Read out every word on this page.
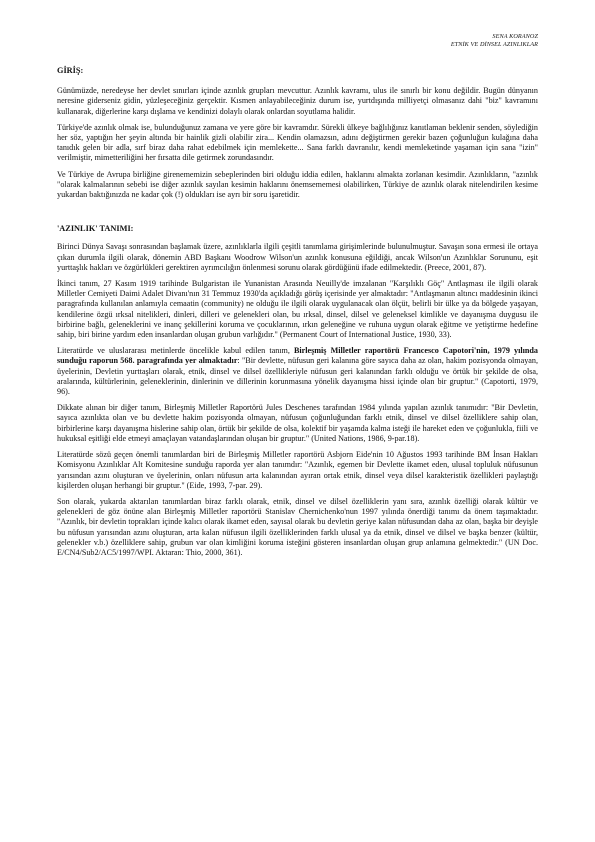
SENA KORANOZ
ETNİK VE DİNSEL AZINLIKLAR
GİRİŞ:

Günümüzde, neredeyse her devlet sınırları içinde azınlık grupları mevcuttur. Azınlık kavramı, ulus ile sınırlı bir konu değildir. Bugün dünyanın neresine giderseniz gidin, yüzleşeceğiniz gerçektir. Kısmen anlayabileceğiniz durum ise, yurtdışında milliyetçi olmasanız dahi "biz" kavramını kullanarak, diğerlerine karşı dışlama ve kendinizi dolaylı olarak onlardan soyutlama halidir.

Türkiye'de azınlık olmak ise, bulunduğunuz zamana ve yere göre bir kavramdır. Sürekli ülkeye bağlılığınız kanıtlaman beklenir senden, söylediğin her söz, yaptığın her şeyin altında bir hainlik gizli olabilir zira... Kendin olamazsın, adını değiştirmen gerekir bazen çoğunluğun kulağına daha tanıdık gelen bir adla, sırf biraz daha rahat edebilmek için memlekette... Sana farklı davranılır, kendi memleketinde yaşaman için sana "izin" verilmiştir, mimetteriliğini her fırsatta dile getirmek zorundasındır.

Ve Türkiye de Avrupa birliğine girenememizin sebeplerinden biri olduğu iddia edilen, haklarını almakta zorlanan kesimdir. Azınlıkların, "azınlık "olarak kalmalarının sebebi ise diğer azınlık sayılan kesimin haklarını önemsememesi olabilirken, Türkiye de azınlık olarak nitelendirilen kesime yukardan baktığınızda ne kadar çok (!) oldukları ise ayrı bir soru işaretidir.

'AZINLIK' TANIMI:

Birinci Dünya Savaşı sonrasından başlamak üzere, azınlıklarla ilgili çeşitli tanımlama girişimlerinde bulunulmuştur. Savaşın sona ermesi ile ortaya çıkan durumla ilgili olarak, dönemin ABD Başkanı Woodrow Wilson'un azınlık konusuna eğildiği, ancak Wilson'un Azınlıklar Sorununu, eşit yurttaşlık hakları ve özgürlükleri gerektiren ayrımcılığın önlenmesi sorunu olarak gördüğünü ifade edilmektedir. (Preece, 2001, 87).

İkinci tanım, 27 Kasım 1919 tarihinde Bulgaristan ile Yunanistan Arasında Neuilly'de imzalanan "Karşılıklı Göç" Antlaşması ile ilgili olarak Milletler Cemiyeti Daimi Adalet Divanı'nın 31 Temmuz 1930'da açıkladığı görüş içerisinde yer almaktadır: "Antlaşmanın altıncı maddesinin ikinci paragrafında kullanılan anlamıyla cemaatin (community) ne olduğu ile ilgili olarak uygulanacak olan ölçüt, belirli bir ülke ya da bölgede yaşayan, kendilerine özgü ırksal nitelikleri, dinleri, dilleri ve gelenekleri olan, bu ırksal, dinsel, dilsel ve geleneksel kimlikle ve dayanışma duygusu ile birbirine bağlı, geleneklerini ve inanç şekillerini koruma ve çocuklarının, ırkın geleneğine ve ruhuna uygun olarak eğitme ve yetiştirme hedefine sahip, biri birine yardım eden insanlardan oluşan grubun varlığıdır." (Permanent Court of International Justice, 1930, 33).

Literatürde ve uluslararası metinlerde öncelikle kabul edilen tanım, Birleşmiş Milletler raportörü Francesco Capotori'nin, 1979 yılında sunduğu raporun 568. paragrafında yer almaktadır: "Bir devlette, nüfusun geri kalanına göre sayıca daha az olan, hakim pozisyonda olmayan, üyelerinin, Devletin yurttaşları olarak, etnik, dinsel ve dilsel özellikleriyle nüfusun geri kalanından farklı olduğu ve örtük bir şekilde de olsa, aralarında, kültürlerinin, geleneklerinin, dinlerinin ve dillerinin korunmasına yönelik dayanışma hissi içinde olan bir gruptur." (Capotorti, 1979, 96).

Dikkate alınan bir diğer tanım, Birleşmiş Milletler Raportörü Jules Deschenes tarafından 1984 yılında yapılan azınlık tanımıdır: "Bir Devletin, sayıca azınlıkta olan ve bu devlette hakim pozisyonda olmayan, nüfusun çoğunluğundan farklı etnik, dinsel ve dilsel özelliklere sahip olan, birbirlerine karşı dayanışma hislerine sahip olan, örtük bir şekilde de olsa, kolektif bir yaşamda kalma isteği ile hareket eden ve çoğunlukla, fiili ve hukuksal eşitliği elde etmeyi amaçlayan vatandaşlarından oluşan bir gruptur." (United Nations, 1986, 9-par.18).

Literatürde sözü geçen önemli tanımlardan biri de Birleşmiş Milletler raportörü Asbjorn Eide'nin 10 Ağustos 1993 tarihinde BM İnsan Hakları Komisyonu Azınlıklar Alt Komitesine sunduğu raporda yer alan tanımdır: "Azınlık, egemen bir Devlette ikamet eden, ulusal topluluk nüfusunun yarısından azını oluşturan ve üyelerinin, onları nüfusun arta kalanından ayıran ortak etnik, dinsel veya dilsel karakteristik özellikleri paylaştığı kişilerden oluşan herhangi bir gruptur." (Eide, 1993, 7-par. 29).

Son olarak, yukarda aktarılan tanımlardan biraz farklı olarak, etnik, dinsel ve dilsel özelliklerin yanı sıra, azınlık özelliği olarak kültür ve gelenekleri de göz önüne alan Birleşmiş Milletler raportörü Stanislav Chernichenko'nun 1997 yılında önerdiği tanımı da önem taşımaktadır. "Azınlık, bir devletin toprakları içinde kalıcı olarak ikamet eden, sayısal olarak bu devletin geriye kalan nüfusundan daha az olan, başka bir deyişle bu nüfusun yarısından azını oluşturan, arta kalan nüfusun ilgili özelliklerinden farklı ulusal ya da etnik, dinsel ve dilsel ve başka benzer (kültür, gelenekler v.b.) özelliklere sahip, grubun var olan kimliğini koruma isteğini gösteren insanlardan oluşan grup anlamına gelmektedir." (UN Doc. E/CN4/Sub2/AC5/1997/WPI. Aktaran: Thio, 2000, 361).
